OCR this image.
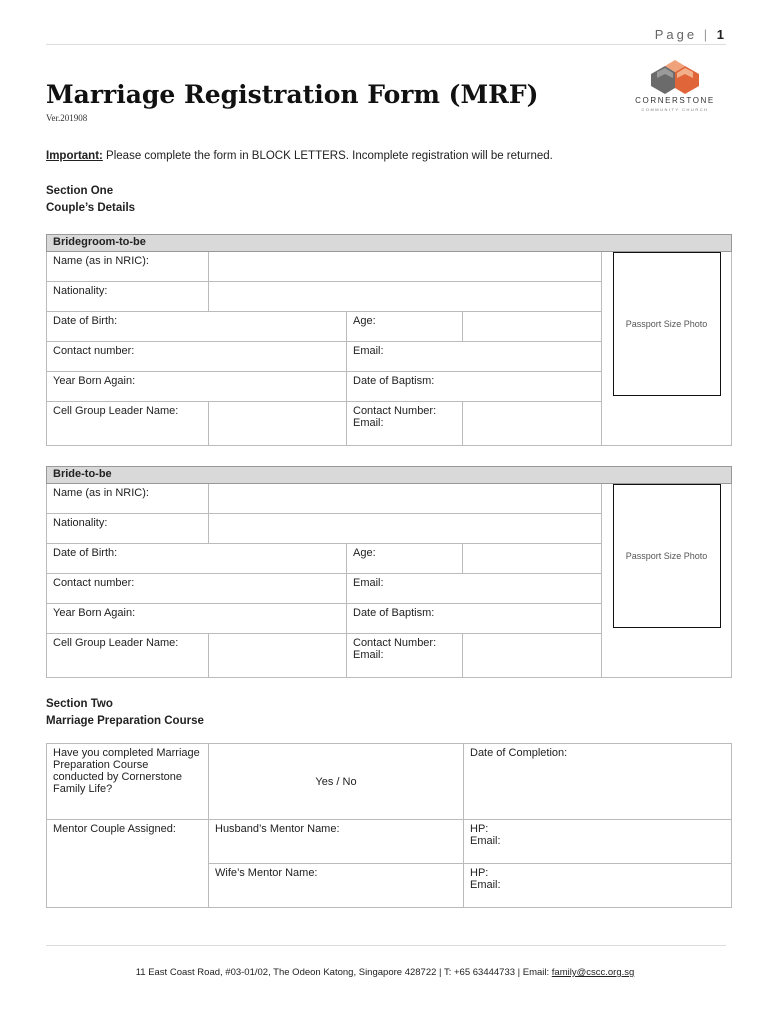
Page | 1
Marriage Registration Form (MRF)
Ver.201908
CORNERSTONE
COMMUNITY CHURCH
Important: Please complete the form in BLOCK LETTERS. Incomplete registration will be returned.
Section One
Couple’s Details
Bridegroom-to-be				
Name (as in NRIC):				Passport Size Photo

Nationality:				
Date of Birth:		Age:		
Contact number:		Email:		
Year Born Again:		Date of Baptism:		
Cell Group Leader Name:		Contact Number:
Email:		

Bride-to-be				
Name (as in NRIC):				Passport Size Photo

Nationality:				
Date of Birth:		Age:		
Contact number:		Email:		
Year Born Again:		Date of Baptism:		
Cell Group Leader Name:		Contact Number:
Email:		

Section Two
Marriage Preparation Course
Have you completed Marriage Preparation Course conducted by Cornerstone Family Life?	Yes / No	Date of Completion:
Mentor Couple Assigned:	Husband’s Mentor Name:	HP:
Email:

	Wife’s Mentor Name:	HP:
Email:
11 East Coast Road, #03-01/02, The Odeon Katong, Singapore 428722 | T: +65 63444733 | Email: family@cscc.org.sg
